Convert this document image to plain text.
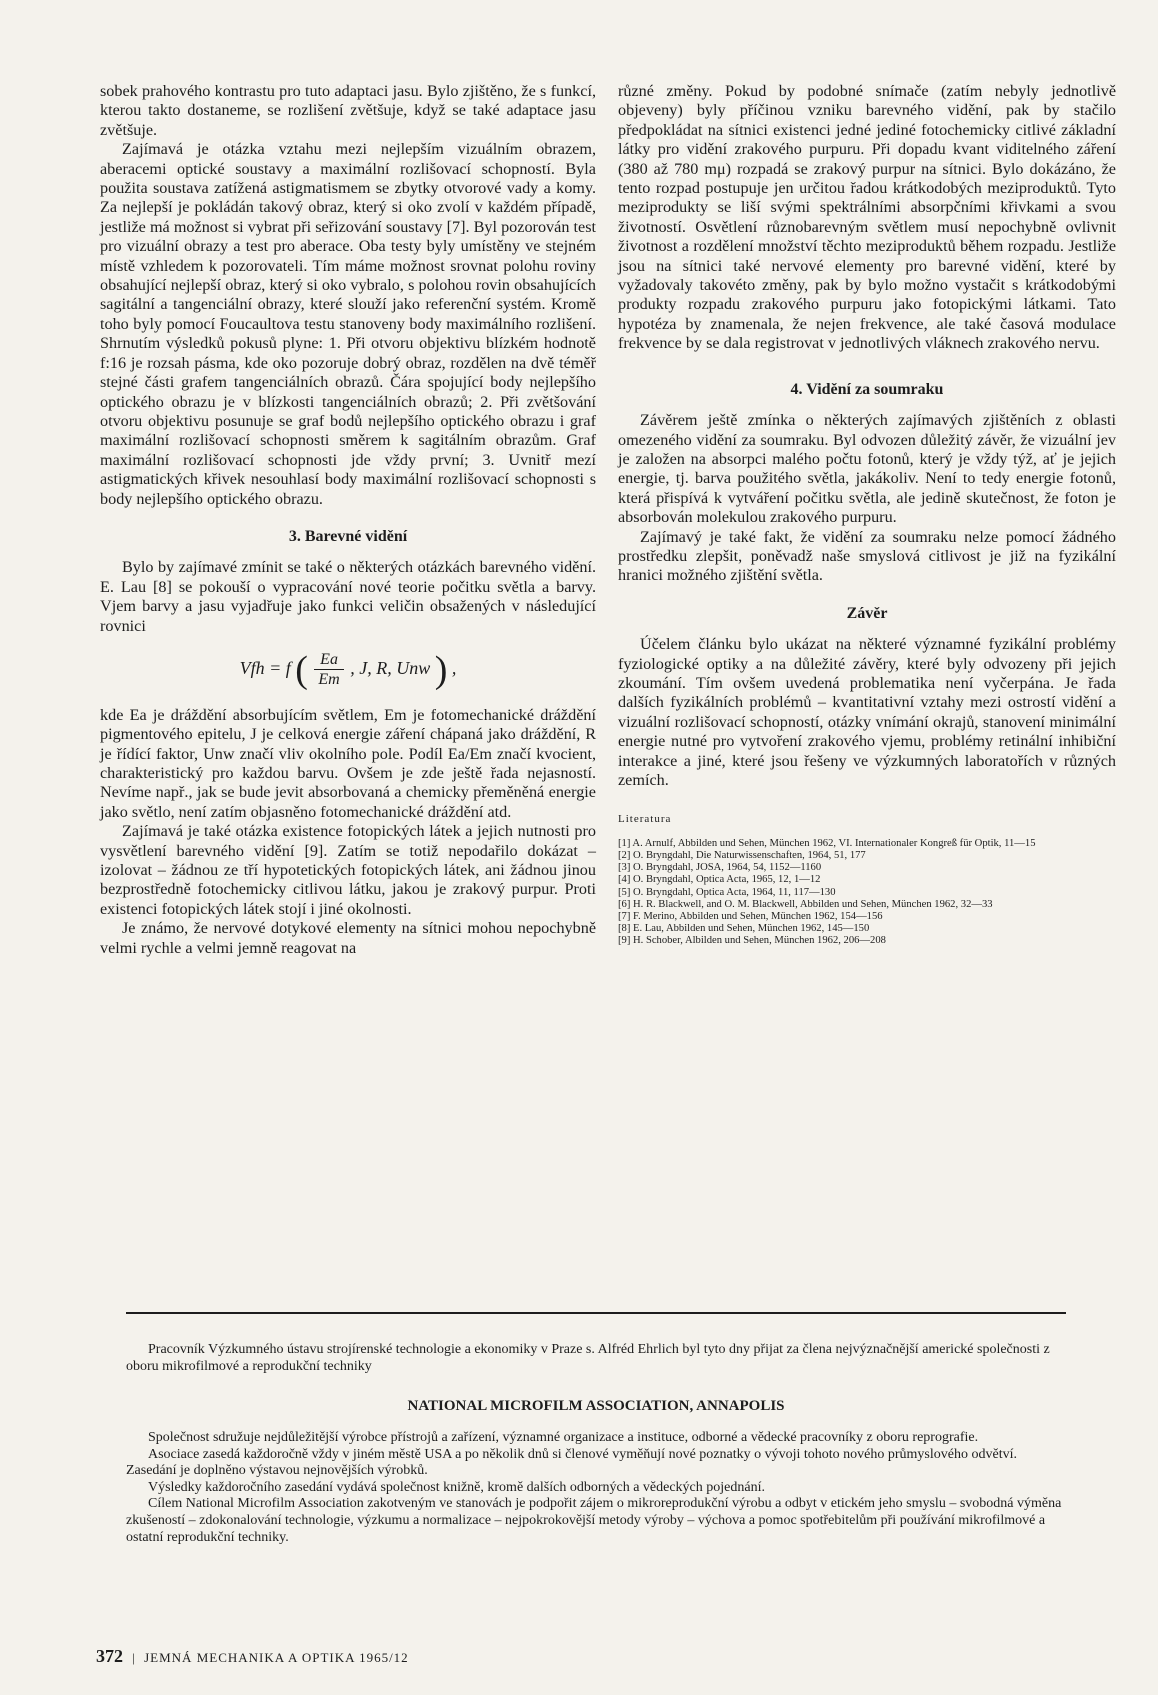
sobek prahového kontrastu pro tuto adaptaci jasu. Bylo zjištěno, že s funkcí, kterou takto dostaneme, se rozlišení zvětšuje, když se také adaptace jasu zvětšuje.

Zajímavá je otázka vztahu mezi nejlepším vizuálním obrazem, aberacemi optické soustavy a maximální rozlišovací schopností. Byla použita soustava zatížená astigmatismem se zbytky otvorové vady a komy. Za nejlepší je pokládán takový obraz, který si oko zvolí v každém případě, jestliže má možnost si vybrat při seřizování soustavy [7]. Byl pozorován test pro vizuální obrazy a test pro aberace. Oba testy byly umístěny ve stejném místě vzhledem k pozorovateli. Tím máme možnost srovnat polohu roviny obsahující nejlepší obraz, který si oko vybralo, s polohou rovin obsahujících sagitální a tangenciální obrazy, které slouží jako referenční systém. Kromě toho byly pomocí Foucaultova testu stanoveny body maximálního rozlišení. Shrnutím výsledků pokusů plyne: 1. Při otvoru objektivu blízkém hodnotě f:16 je rozsah pásma, kde oko pozoruje dobrý obraz, rozdělen na dvě téměř stejné části grafem tangenciálních obrazů. Čára spojující body nejlepšího optického obrazu je v blízkosti tangenciálních obrazů; 2. Při zvětšování otvoru objektivu posunuje se graf bodů nejlepšího optického obrazu i graf maximální rozlišovací schopnosti směrem k sagitálním obrazům. Graf maximální rozlišovací schopnosti jde vždy první; 3. Uvnitř mezí astigmatických křivek nesouhlasí body maximální rozlišovací schopnosti s body nejlepšího optického obrazu.

3. Barevné vidění

Bylo by zajímavé zmínit se také o některých otázkách barevného vidění. E. Lau [8] se pokouší o vypracování nové teorie počitku světla a barvy. Vjem barvy a jasu vyjadřuje jako funkci veličin obsažených v následující rovnici

Vfh = f ( $\frac{Ea}{Em}$ , J, R, Unw ) ,

kde Ea je dráždění absorbujícím světlem, Em je fotomechanické dráždění pigmentového epitelu, J je celková energie záření chápaná jako dráždění, R je řídící faktor, Unw značí vliv okolního pole. Podíl Ea/Em značí kvocient, charakteristický pro každou barvu. Ovšem je zde ještě řada nejasností. Nevíme např., jak se bude jevit absorbovaná a chemicky přeměněná energie jako světlo, není zatím objasněno fotomechanické dráždění atd.

Zajímavá je také otázka existence fotopických látek a jejich nutnosti pro vysvětlení barevného vidění [9]. Zatím se totiž nepodařilo dokázat – izolovat – žádnou ze tří hypotetických fotopických látek, ani žádnou jinou bezprostředně fotochemicky citlivou látku, jakou je zrakový purpur. Proti existenci fotopických látek stojí i jiné okolnosti.

Je známo, že nervové dotykové elementy na sítnici mohou nepochybně velmi rychle a velmi jemně reagovat na

různé změny. Pokud by podobné snímače (zatím nebyly jednotlivě objeveny) byly příčinou vzniku barevného vidění, pak by stačilo předpokládat na sítnici existenci jedné jediné fotochemicky citlivé základní látky pro vidění zrakového purpuru. Při dopadu kvant viditelného záření (380 až 780 mμ) rozpadá se zrakový purpur na sítnici. Bylo dokázáno, že tento rozpad postupuje jen určitou řadou krátkodobých meziproduktů. Tyto meziprodukty se liší svými spektrálními absorpčními křivkami a svou životností. Osvětlení různobarevným světlem musí nepochybně ovlivnit životnost a rozdělení množství těchto meziproduktů během rozpadu. Jestliže jsou na sítnici také nervové elementy pro barevné vidění, které by vyžadovaly takovéto změny, pak by bylo možno vystačit s krátkodobými produkty rozpadu zrakového purpuru jako fotopickými látkami. Tato hypotéza by znamenala, že nejen frekvence, ale také časová modulace frekvence by se dala registrovat v jednotlivých vláknech zrakového nervu.

4. Vidění za soumraku

Závěrem ještě zmínka o některých zajímavých zjištěních z oblasti omezeného vidění za soumraku. Byl odvozen důležitý závěr, že vizuální jev je založen na absorpci malého počtu fotonů, který je vždy týž, ať je jejich energie, tj. barva použitého světla, jakákoliv. Není to tedy energie fotonů, která přispívá k vytváření počitku světla, ale jedině skutečnost, že foton je absorbován molekulou zrakového purpuru.

Zajímavý je také fakt, že vidění za soumraku nelze pomocí žádného prostředku zlepšit, poněvadž naše smyslová citlivost je již na fyzikální hranici možného zjištění světla.

Závěr

Účelem článku bylo ukázat na některé významné fyzikální problémy fyziologické optiky a na důležité závěry, které byly odvozeny při jejich zkoumání. Tím ovšem uvedená problematika není vyčerpána. Je řada dalších fyzikálních problémů – kvantitativní vztahy mezi ostrostí vidění a vizuální rozlišovací schopností, otázky vnímání okrajů, stanovení minimální energie nutné pro vytvoření zrakového vjemu, problémy retinální inhibiční interakce a jiné, které jsou řešeny ve výzkumných laboratořích v různých zemích.

Literatura
[1] A. Arnulf, Abbilden und Sehen, München 1962, VI. Internationaler Kongreß für Optik, 11—15
[2] O. Bryngdahl, Die Naturwissenschaften, 1964, 51, 177
[3] O. Bryngdahl, JOSA, 1964, 54, 1152—1160
[4] O. Bryngdahl, Optica Acta, 1965, 12, 1—12
[5] O. Bryngdahl, Optica Acta, 1964, 11, 117—130
[6] H. R. Blackwell, and O. M. Blackwell, Abbilden und Sehen, München 1962, 32—33
[7] F. Merino, Abbilden und Sehen, München 1962, 154—156
[8] E. Lau, Abbilden und Sehen, München 1962, 145—150
[9] H. Schober, Albilden und Sehen, München 1962, 206—208

Pracovník Výzkumného ústavu strojírenské technologie a ekonomiky v Praze s. Alfréd Ehrlich byl tyto dny přijat za člena nejvýznačnější americké společnosti z oboru mikrofilmové a reprodukční techniky

NATIONAL MICROFILM ASSOCIATION, ANNAPOLIS

Společnost sdružuje nejdůležitější výrobce přístrojů a zařízení, významné organizace a instituce, odborné a vědecké pracovníky z oboru reprografie.

Asociace zasedá každoročně vždy v jiném městě USA a po několik dnů si členové vyměňují nové poznatky o vývoji tohoto nového průmyslového odvětví. Zasedání je doplněno výstavou nejnovějších výrobků.

Výsledky každoročního zasedání vydává společnost knižně, kromě dalších odborných a vědeckých pojednání.

Cílem National Microfilm Association zakotveným ve stanovách je podpořit zájem o mikroreprodukční výrobu a odbyt v etickém jeho smyslu – svobodná výměna zkušeností – zdokonalování technologie, výzkumu a normalizace – nejpokrokovější metody výroby – výchova a pomoc spotřebitelům při používání mikrofilmové a ostatní reprodukční techniky.

372 | JEMNÁ MECHANIKA A OPTIKA 1965/12
